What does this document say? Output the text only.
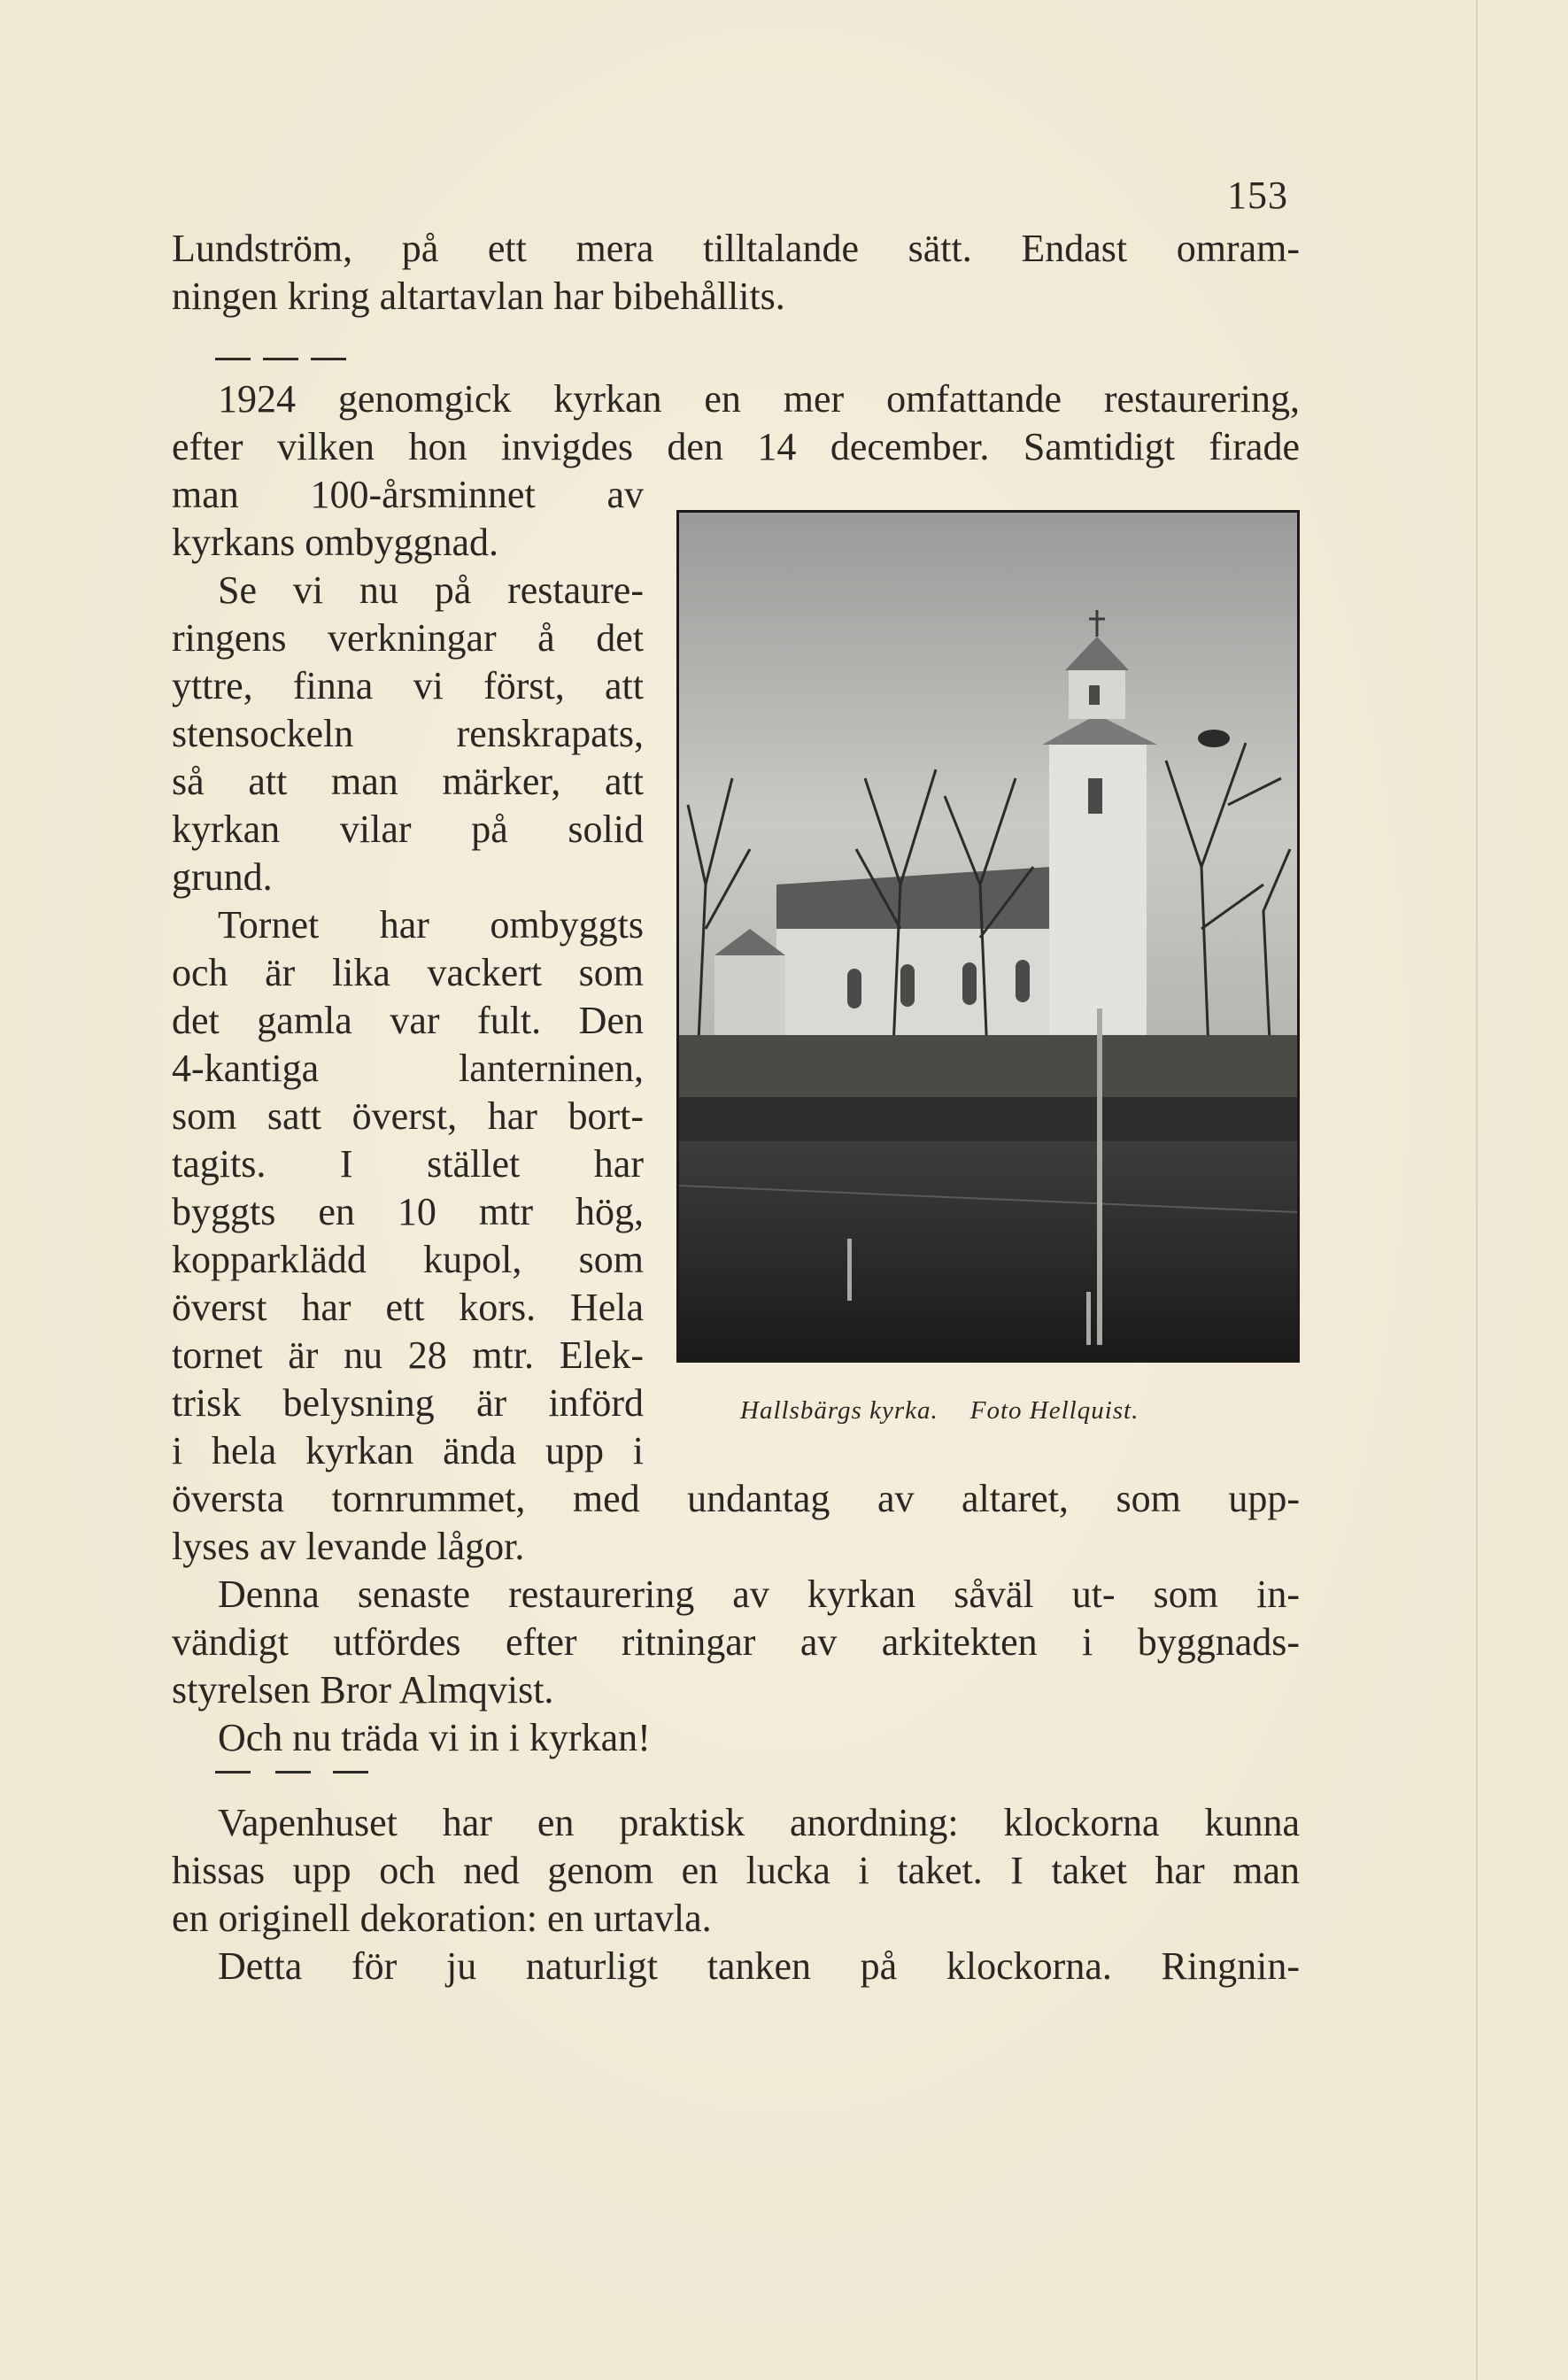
153
Lundström, på ett mera tilltalande sätt. Endast omram-
ningen kring altartavlan har bibehållits.
1924 genomgick kyrkan en mer omfattande restaurering,
efter vilken hon invigdes den 14 december. Samtidigt firade
man 100-årsminnet av
kyrkans ombyggnad.
Se vi nu på restaure-
ringens verkningar å det
yttre, finna vi först, att
stensockeln renskrapats,
så att man märker, att
kyrkan vilar på solid
grund.
Tornet har ombyggts
och är lika vackert som
det gamla var fult. Den
4-kantiga lanterninen,
som satt överst, har bort-
tagits. I stället har
byggts en 10 mtr hög,
kopparklädd kupol, som
överst har ett kors. Hela
tornet är nu 28 mtr. Elek-
trisk belysning är införd
i hela kyrkan ända upp i
översta tornrummet, med undantag av altaret, som upp-
lyses av levande lågor.
Denna senaste restaurering av kyrkan såväl ut- som in-
vändigt utfördes efter ritningar av arkitekten i byggnads-
styrelsen Bror Almqvist.
Och nu träda vi in i kyrkan!
Vapenhuset har en praktisk anordning: klockorna kunna
hissas upp och ned genom en lucka i taket. I taket har man
en originell dekoration: en urtavla.
Detta för ju naturligt tanken på klockorna. Ringnin-
Hallsbärgs kyrka. Foto Hellquist.
